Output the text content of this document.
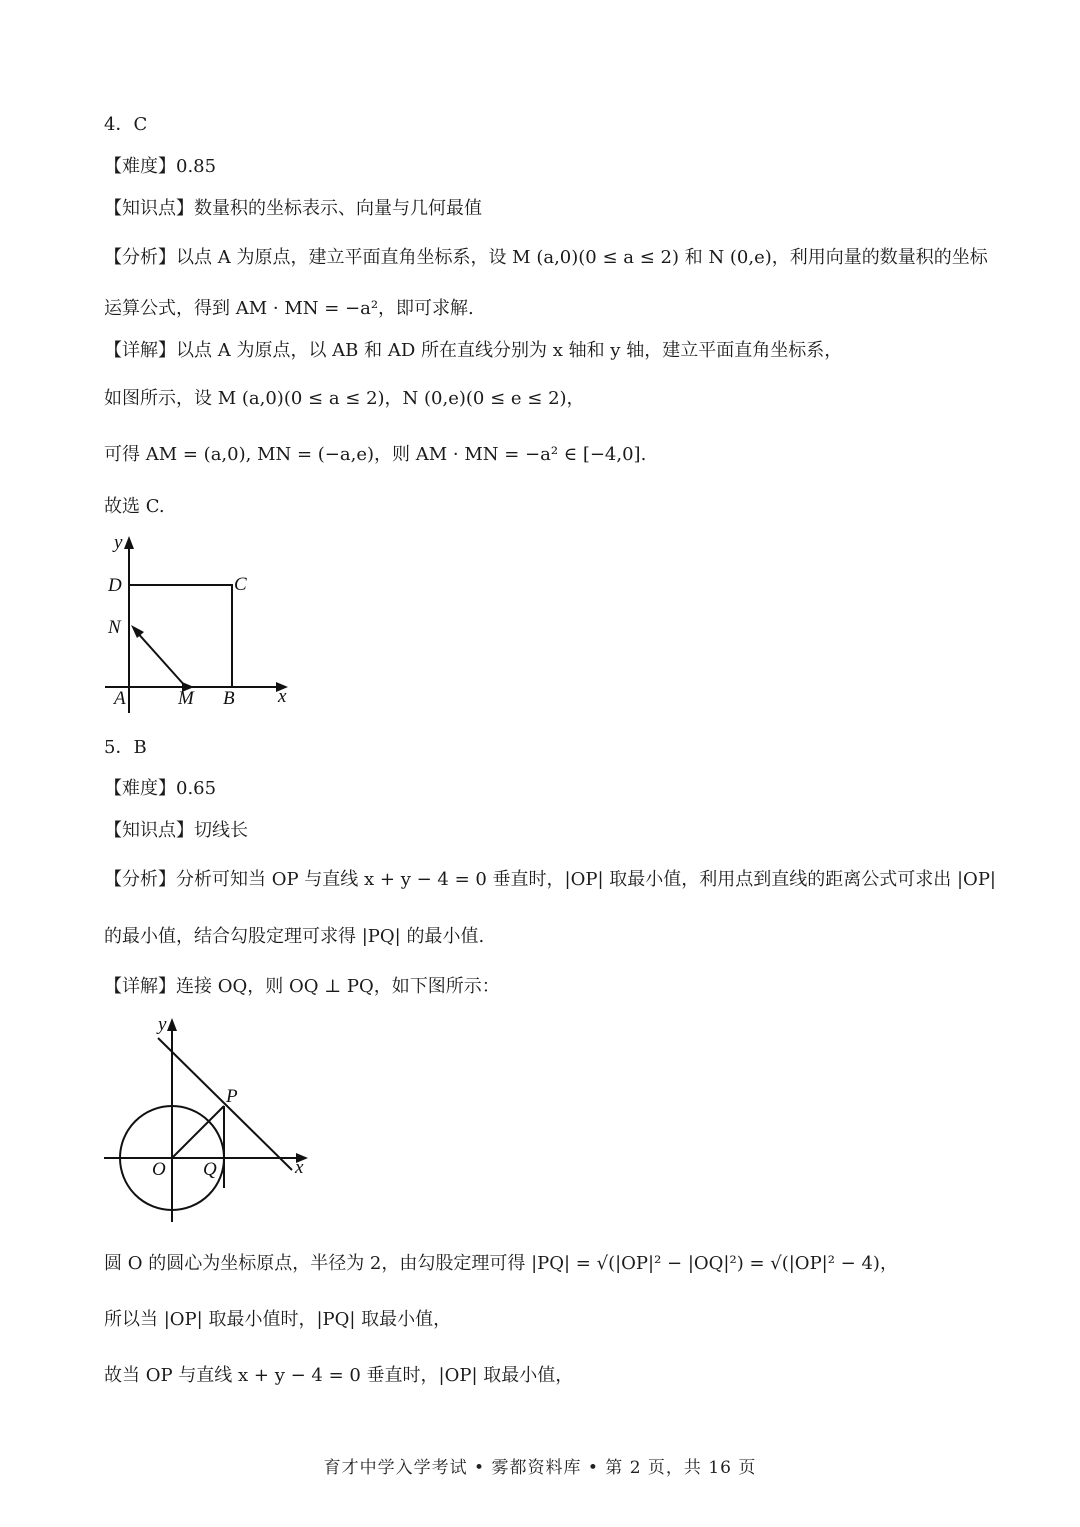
4．C
【难度】0.85
【知识点】数量积的坐标表示、向量与几何最值
【分析】以点 A 为原点，建立平面直角坐标系，设 M (a,0)(0 ≤ a ≤ 2) 和 N (0,e)，利用向量的数量积的坐标
运算公式，得到 AM · MN = −a²，即可求解.
【详解】以点 A 为原点，以 AB 和 AD 所在直线分别为 x 轴和 y 轴，建立平面直角坐标系，
如图所示，设 M (a,0)(0 ≤ a ≤ 2)，N (0,e)(0 ≤ e ≤ 2)，
可得 AM = (a,0), MN = (−a,e)，则 AM · MN = −a² ∈ [−4,0].
故选 C.
y
D	C
N
A	M B x
5．B
【难度】0.65
【知识点】切线长
【分析】分析可知当 OP 与直线 x + y − 4 = 0 垂直时，|OP| 取最小值，利用点到直线的距离公式可求出 |OP|
的最小值，结合勾股定理可求得 |PQ| 的最小值.
【详解】连接 OQ，则 OQ ⊥ PQ，如下图所示：
y
P
O Q	x
圆 O 的圆心为坐标原点，半径为 2，由勾股定理可得 |PQ| = √(|OP|² − |OQ|²) = √(|OP|² − 4)，
所以当 |OP| 取最小值时，|PQ| 取最小值，
故当 OP 与直线 x + y − 4 = 0 垂直时，|OP| 取最小值，
育才中学入学考试 • 雾都资料库 • 第 2 页，共 16 页
